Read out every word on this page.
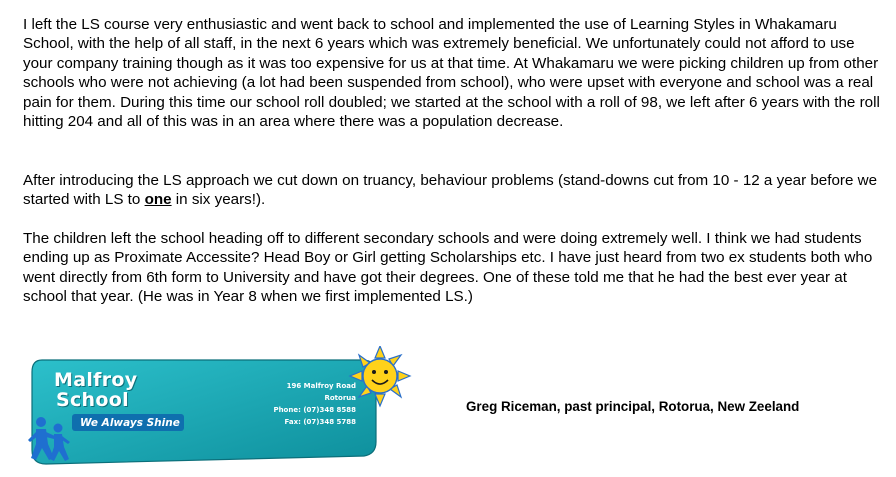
I left the LS course very enthusiastic and went back to school and implemented the use of Learning Styles in Whakamaru School, with the help of all staff, in the next 6 years which was extremely beneficial. We unfortunately could not afford to use your company training though as it was too expensive for us at that time. At Whakamaru we were picking children up from other schools who were not achieving (a lot had been suspended from school), who were upset with everyone and school was a real pain for them. During this time our school roll doubled; we started at the school with a roll of 98, we left after 6 years with the roll hitting 204 and all of this was in an area where there was a population decrease.

After introducing the LS approach we cut down on truancy, behaviour problems (stand-downs cut from 10 - 12 a year before we started with LS to one in six years!).

The children left the school heading off to different secondary schools and were doing extremely well. I think we had students ending up as Proximate Accessite? Head Boy or Girl getting Scholarships etc. I have just heard from two ex students both who went directly from 6th form to University and have got their degrees. One of these told me that he had the best ever year at school that year. (He was in Year 8 when we first implemented LS.)

Malfroy
School
We Always Shine
196 Malfroy Road
Rotorua
Phone: (07)348 8588
Fax: (07)348 5788
Greg Riceman, past principal, Rotorua, New Zeeland
